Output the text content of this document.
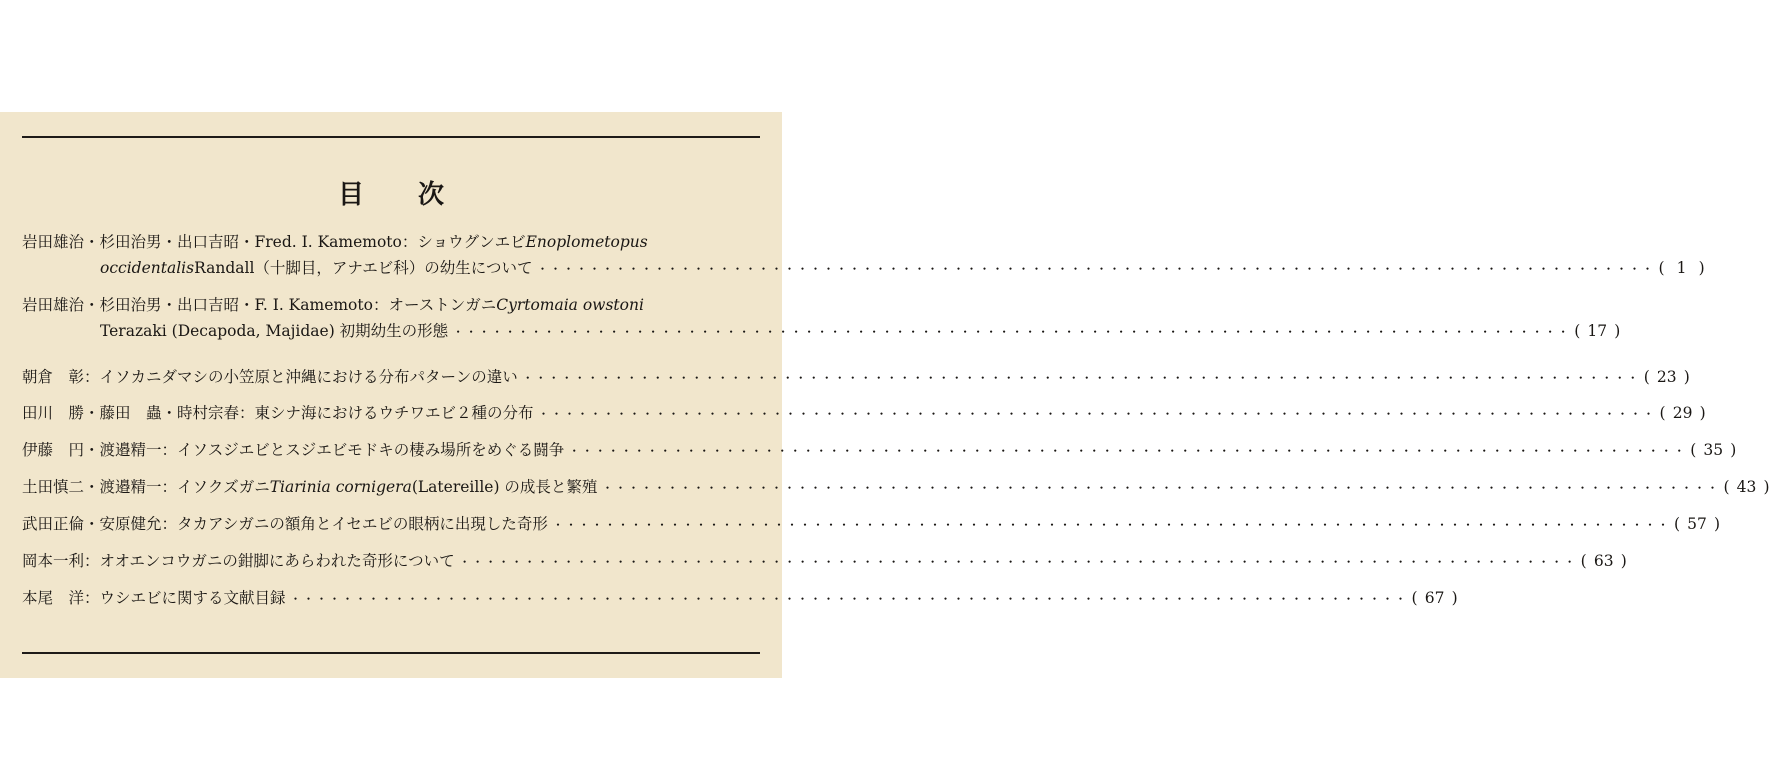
目次
岩田雄治・杉田治男・出口吉昭・Fred. I. Kamemoto： ショウグンエビ Enoplometopus
occidentalis Randall（十脚目，アナエビ科）の幼生について ・・・・・・・・・・・・・・・・・・・・・・・・・・・・・・・・・・・・・・・・・・・・・・・・・・・・・・・・・・・・・・・・・・・・・・・・・・・・・・・・・・・・・・ ( 1 )
岩田雄治・杉田治男・出口吉昭・F. I. Kamemoto： オーストンガニ Cyrtomaia owstoni
Terazaki (Decapoda, Majidae) 初期幼生の形態 ・・・・・・・・・・・・・・・・・・・・・・・・・・・・・・・・・・・・・・・・・・・・・・・・・・・・・・・・・・・・・・・・・・・・・・・・・・・・・・・・・・・・・・ ( 17 )
朝倉　彰： イソカニダマシの小笠原と沖縄における分布パターンの違い ・・・・・・・・・・・・・・・・・・・・・・・・・・・・・・・・・・・・・・・・・・・・・・・・・・・・・・・・・・・・・・・・・・・・・・・・・・・・・・・・・・・・・・ ( 23 )
田川　勝・藤田　蟲・時村宗春： 東シナ海におけるウチワエビ２種の分布 ・・・・・・・・・・・・・・・・・・・・・・・・・・・・・・・・・・・・・・・・・・・・・・・・・・・・・・・・・・・・・・・・・・・・・・・・・・・・・・・・・・・・・・ ( 29 )
伊藤　円・渡邉精一： イソスジエビとスジエビモドキの棲み場所をめぐる闘争 ・・・・・・・・・・・・・・・・・・・・・・・・・・・・・・・・・・・・・・・・・・・・・・・・・・・・・・・・・・・・・・・・・・・・・・・・・・・・・・・・・・・・・・ ( 35 )
土田慎二・渡邉精一： イソクズガニ Tiarinia cornigera (Latereille) の成長と繁殖 ・・・・・・・・・・・・・・・・・・・・・・・・・・・・・・・・・・・・・・・・・・・・・・・・・・・・・・・・・・・・・・・・・・・・・・・・・・・・・・・・・・・・・・ ( 43 )
武田正倫・安原健允： タカアシガニの額角とイセエビの眼柄に出現した奇形 ・・・・・・・・・・・・・・・・・・・・・・・・・・・・・・・・・・・・・・・・・・・・・・・・・・・・・・・・・・・・・・・・・・・・・・・・・・・・・・・・・・・・・・ ( 57 )
岡本一利： オオエンコウガニの鉗脚にあらわれた奇形について ・・・・・・・・・・・・・・・・・・・・・・・・・・・・・・・・・・・・・・・・・・・・・・・・・・・・・・・・・・・・・・・・・・・・・・・・・・・・・・・・・・・・・・ ( 63 )
本尾　洋： ウシエビに関する文献目録 ・・・・・・・・・・・・・・・・・・・・・・・・・・・・・・・・・・・・・・・・・・・・・・・・・・・・・・・・・・・・・・・・・・・・・・・・・・・・・・・・・・・・・・ ( 67 )
